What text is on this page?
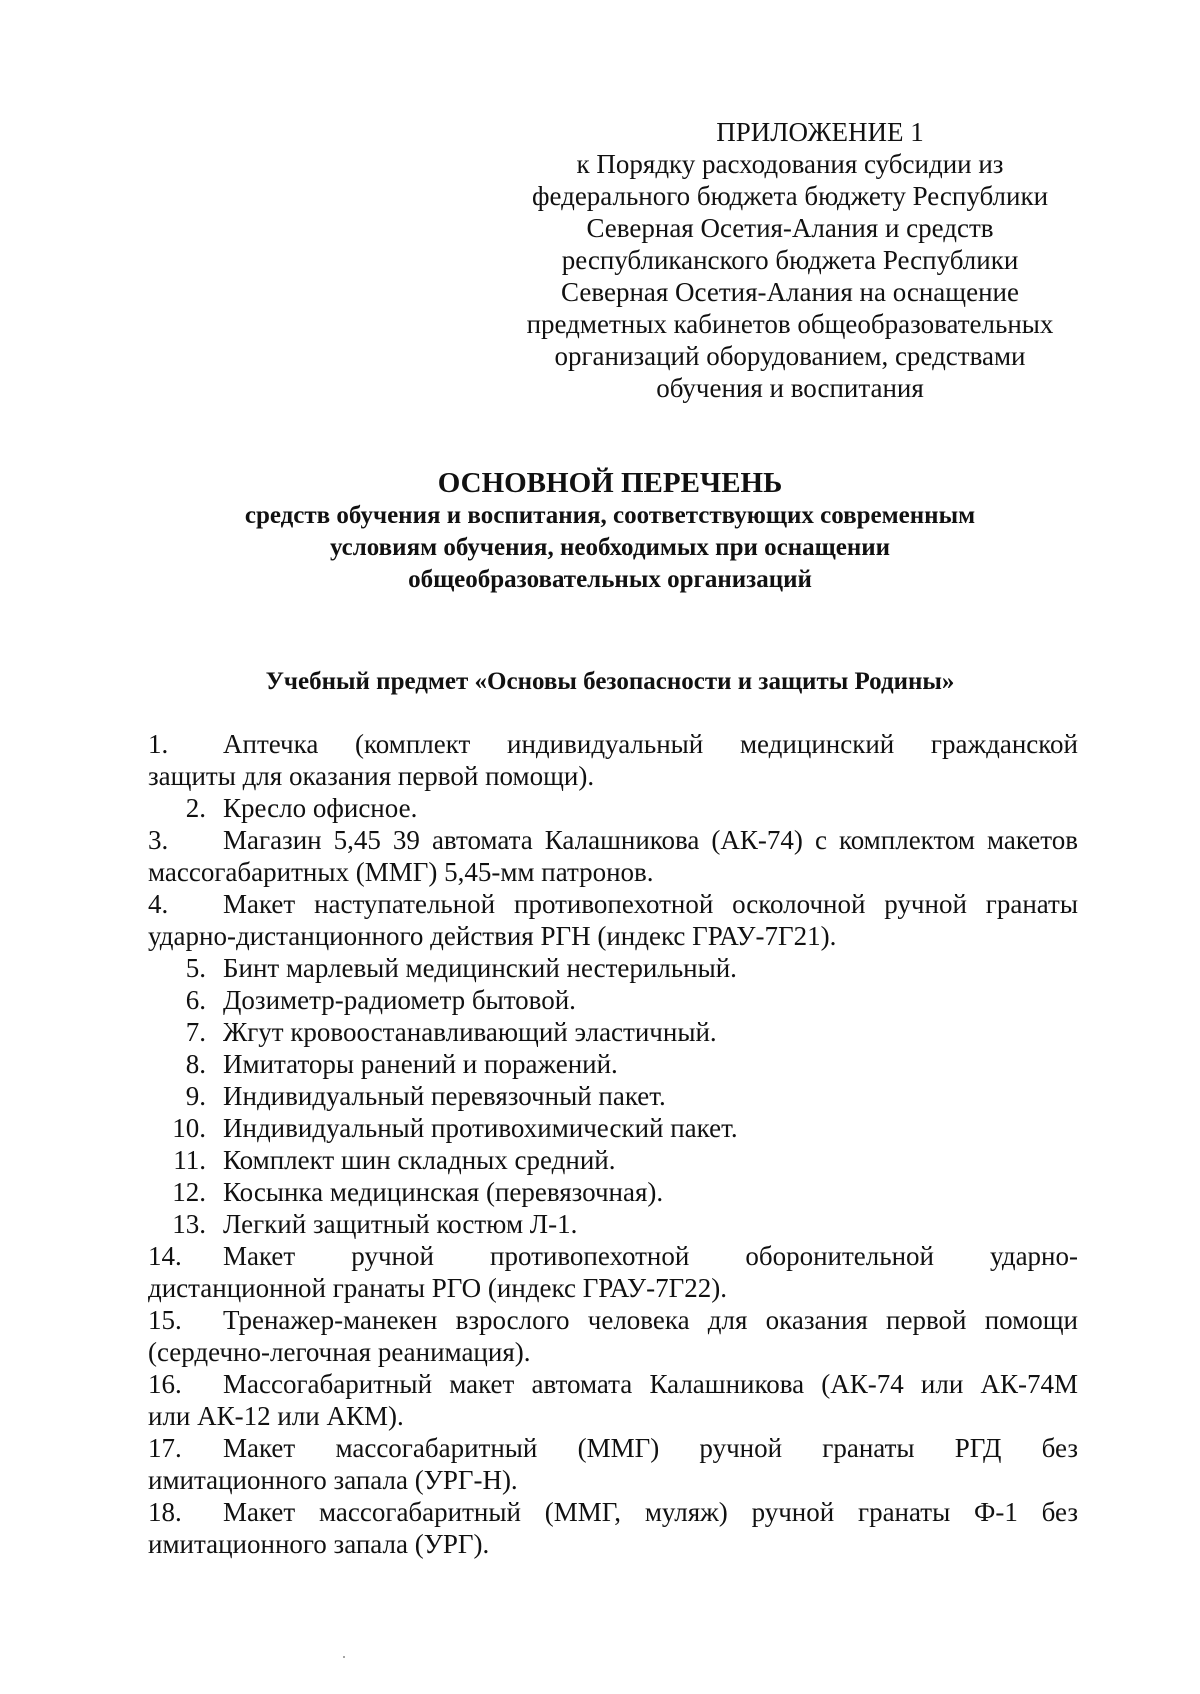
ПРИЛОЖЕНИЕ 1
к Порядку расходования субсидии из
федерального бюджета бюджету Республики
Северная Осетия-Алания и средств
республиканского бюджета Республики
Северная Осетия-Алания на оснащение
предметных кабинетов общеобразовательных
организаций оборудованием, средствами
обучения и воспитания
ОСНОВНОЙ ПЕРЕЧЕНЬ
средств обучения и воспитания, соответствующих современным
условиям обучения, необходимых при оснащении
общеобразовательных организаций
Учебный предмет «Основы безопасности и защиты Родины»
1. Аптечка (комплект индивидуальный медицинский гражданской
защиты для оказания первой помощи).
2. Кресло офисное.
3. Магазин 5,45 39 автомата Калашникова (АК-74) с комплектом макетов
массогабаритных (ММГ) 5,45-мм патронов.
4. Макет наступательной противопехотной осколочной ручной гранаты
ударно-дистанционного действия РГН (индекс ГРАУ-7Г21).
5. Бинт марлевый медицинский нестерильный.
6. Дозиметр-радиометр бытовой.
7. Жгут кровоостанавливающий эластичный.
8. Имитаторы ранений и поражений.
9. Индивидуальный перевязочный пакет.
10. Индивидуальный противохимический пакет.
11. Комплект шин складных средний.
12. Косынка медицинская (перевязочная).
13. Легкий защитный костюм Л-1.
14. Макет ручной противопехотной оборонительной ударно-
дистанционной гранаты РГО (индекс ГРАУ-7Г22).
15. Тренажер-манекен взрослого человека для оказания первой помощи
(сердечно-легочная реанимация).
16. Массогабаритный макет автомата Калашникова (АК-74 или АК-74М
или АК-12 или АКМ).
17. Макет массогабаритный (ММГ) ручной гранаты РГД без
имитационного запала (УРГ-Н).
18. Макет массогабаритный (ММГ, муляж) ручной гранаты Ф-1 без
имитационного запала (УРГ).
